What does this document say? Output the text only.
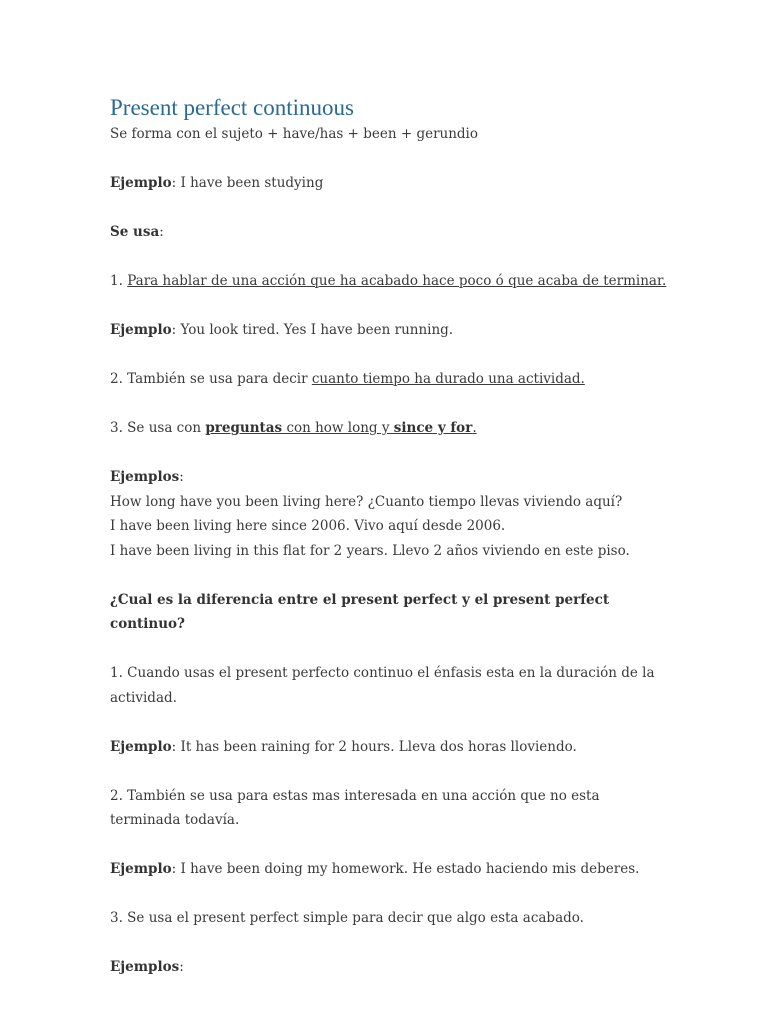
Present perfect continuous

Se forma con el sujeto + have/has + been + gerundio

Ejemplo: I have been studying

Se usa:

1. Para hablar de una acción que ha acabado hace poco ó que acaba de terminar.

Ejemplo: You look tired. Yes I have been running.

2. También se usa para decir cuanto tiempo ha durado una actividad.

3. Se usa con preguntas con how long y since y for.

Ejemplos:

How long have you been living here? ¿Cuanto tiempo llevas viviendo aquí?

I have been living here since 2006. Vivo aquí desde 2006.

I have been living in this flat for 2 years. Llevo 2 años viviendo en este piso.

¿Cual es la diferencia entre el present perfect y el present perfect continuo?

1. Cuando usas el present perfecto continuo el énfasis esta en la duración de la actividad.

Ejemplo: It has been raining for 2 hours. Lleva dos horas lloviendo.

2. También se usa para estas mas interesada en una acción que no esta terminada todavía.

Ejemplo: I have been doing my homework. He estado haciendo mis deberes.

3. Se usa el present perfect simple para decir que algo esta acabado.

Ejemplos:
